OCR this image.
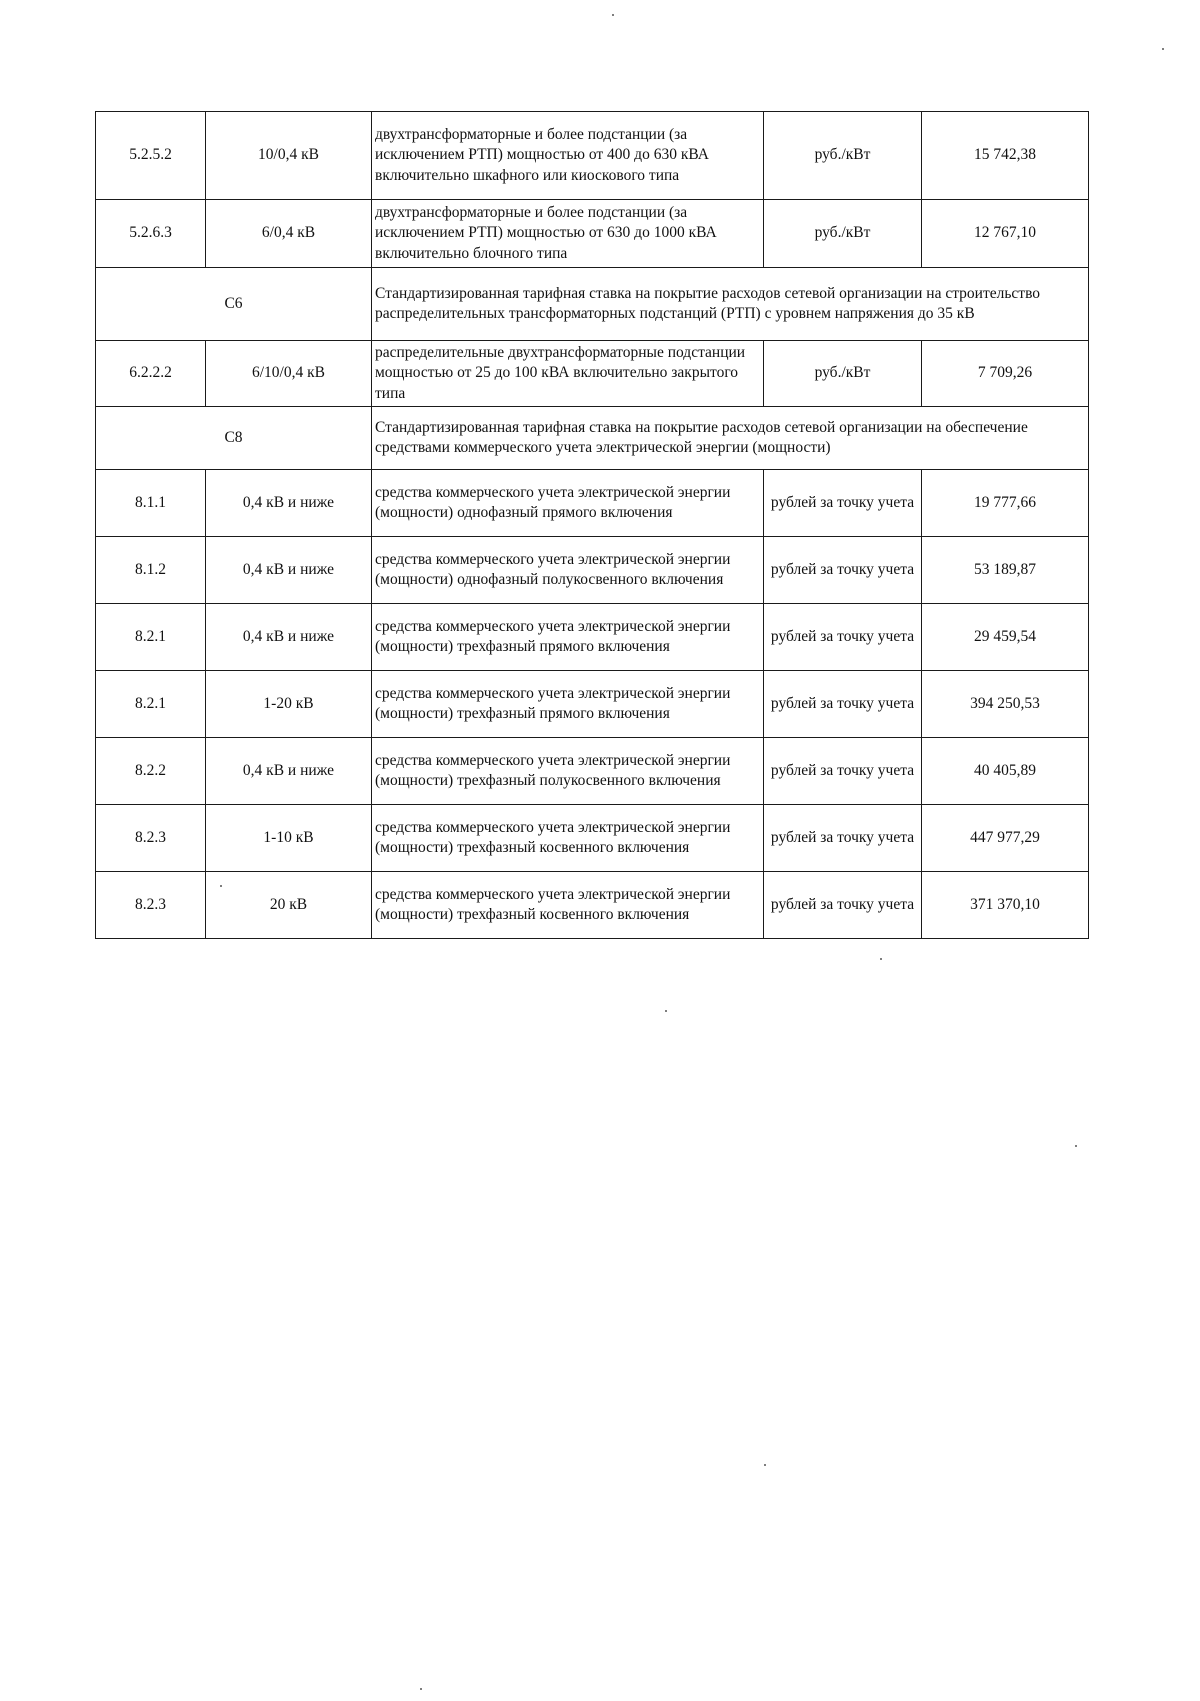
5.2.5.2	10/0,4 кВ	двухтрансформаторные и более подстанции (за исключением РТП) мощностью от 400 до 630 кВА включительно шкафного или киоскового типа	руб./кВт	15 742,38
5.2.6.3	6/0,4 кВ	двухтрансформаторные и более подстанции (за исключением РТП) мощностью от 630 до 1000 кВА включительно блочного типа	руб./кВт	12 767,10
С6		Стандартизированная тарифная ставка на покрытие расходов сетевой организации на строительство распределительных трансформаторных подстанций (РТП) с уровнем напряжения до 35 кВ		
6.2.2.2	6/10/0,4 кВ	распределительные двухтрансформаторные подстанции мощностью от 25 до 100 кВА включительно закрытого типа	руб./кВт	7 709,26
С8		Стандартизированная тарифная ставка на покрытие расходов сетевой организации на обеспечение средствами коммерческого учета электрической энергии (мощности)		
8.1.1	0,4 кВ и ниже	средства коммерческого учета электрической энергии (мощности) однофазный прямого включения	рублей за точку учета	19 777,66
8.1.2	0,4 кВ и ниже	средства коммерческого учета электрической энергии (мощности) однофазный полукосвенного включения	рублей за точку учета	53 189,87
8.2.1	0,4 кВ и ниже	средства коммерческого учета электрической энергии (мощности) трехфазный прямого включения	рублей за точку учета	29 459,54
8.2.1	1-20 кВ	средства коммерческого учета электрической энергии (мощности) трехфазный прямого включения	рублей за точку учета	394 250,53
8.2.2	0,4 кВ и ниже	средства коммерческого учета электрической энергии (мощности) трехфазный полукосвенного включения	рублей за точку учета	40 405,89
8.2.3	1-10 кВ	средства коммерческого учета электрической энергии (мощности) трехфазный косвенного включения	рублей за точку учета	447 977,29
8.2.3	20 кВ	средства коммерческого учета электрической энергии (мощности) трехфазный косвенного включения	рублей за точку учета	371 370,10
